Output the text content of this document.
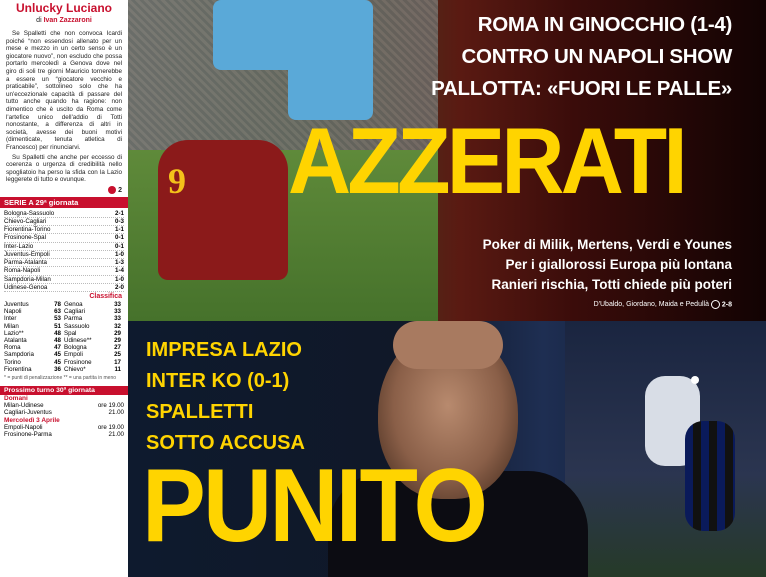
Unlucky Luciano
di Ivan Zazzaroni

Se Spalletti che non convoca Icardi poiché “non essendosi allenato per un mese e mezzo in un certo senso è un giocatore nuovo”, non escludo che possa portarlo mercoledì a Genova dove nel giro di soli tre giorni Mauricio tornerebbe a essere un “giocatore vecchio e praticabile”, sottolineo solo che ha un'eccezionale capacità di passare del tutto anche quando ha ragione: non dimentico che è uscito da Roma come l'artefice unico dell'addio di Totti nonostante, a differenza di altri in società, avesse dei buoni motivi (dimenticate, tenuta atletica di Francesco) per rinunciarvi.

Su Spalletti che anche per eccesso di coerenza o urgenza di credibilità nello spogliatoio ha perso la sfida con la Lazio leggerete di tutto e ovunque.

2
SERIE A 29ª giornata
Bologna-Sassuolo	2-1
Chievo-Cagliari	0-3
Fiorentina-Torino	1-1
Frosinone-Spal	0-1
Inter-Lazio	0-1
Juventus-Empoli	1-0
Parma-Atalanta	1-3
Roma-Napoli	1-4
Sampdoria-Milan	1-0
Udinese-Genoa	2-0
Classifica
Juventus	78
Napoli	63
Inter	53
Milan	51
Lazio**	48
Atalanta	48
Roma	47
Sampdoria	45
Torino	45
Fiorentina	36
Genoa	33
Cagliari	33
Parma	33
Sassuolo	32
Spal	29
Udinese**	29
Bologna	27
Empoli	25
Frosinone	17
Chievo*	11
* = punti di penalizzazione ** = una partita in meno
Prossimo turno 30ª giornata
Domani
Milan-Udinese	ore 19.00
Cagliari-Juventus	21.00
Mercoledì 3 Aprile
Empoli-Napoli	ore 19.00
Frosinone-Parma	21.00
9
ROMA IN GINOCCHIO (1-4)
CONTRO UN NAPOLI SHOW
PALLOTTA: «FUORI LE PALLE»
AZZERATI
Poker di Milik, Mertens, Verdi e Younes
Per i giallorossi Europa più lontana
Ranieri rischia, Totti chiede più poteri
D'Ubaldo, Giordano, Maida e Pedullà 2-8
IMPRESA LAZIO
INTER KO (0-1)
SPALLETTI
SOTTO ACCUSA
PUNITO
